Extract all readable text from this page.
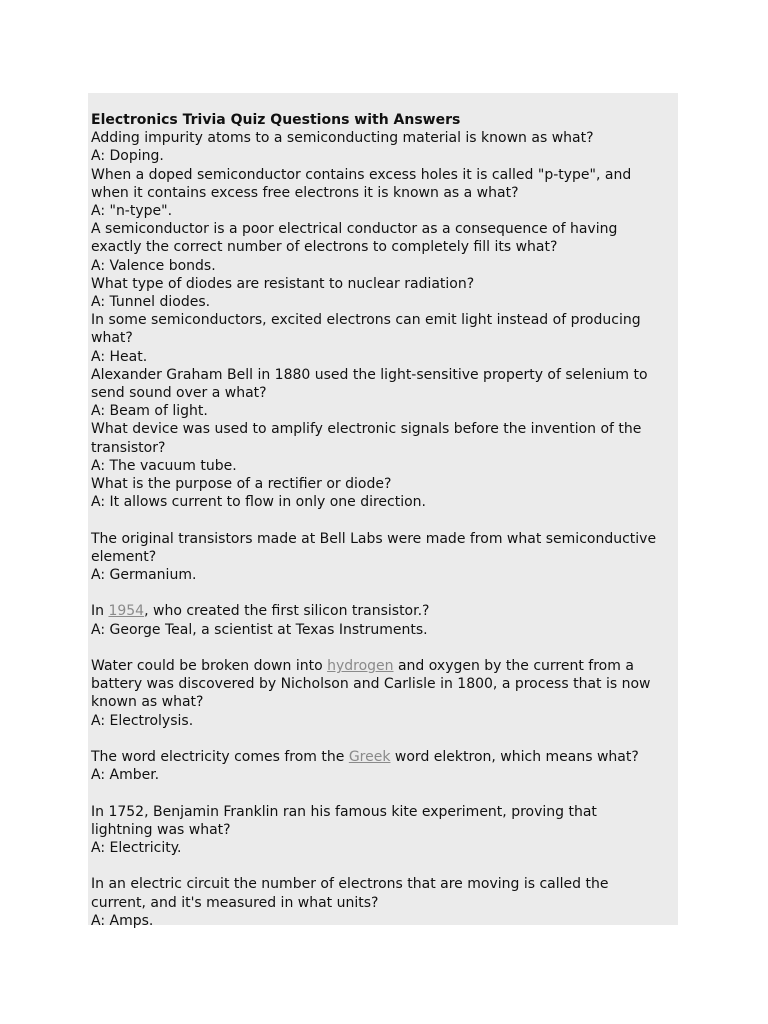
Electronics Trivia Quiz Questions with Answers
Adding impurity atoms to a semiconducting material is known as what?
A: Doping.
When a doped semiconductor contains excess holes it is called "p-type", and
when it contains excess free electrons it is known as a what?
A: "n-type".
A semiconductor is a poor electrical conductor as a consequence of having
exactly the correct number of electrons to completely fill its what?
A: Valence bonds.
What type of diodes are resistant to nuclear radiation?
A: Tunnel diodes.
In some semiconductors, excited electrons can emit light instead of producing
what?
A: Heat.
Alexander Graham Bell in 1880 used the light-sensitive property of selenium to
send sound over a what?
A: Beam of light.
What device was used to amplify electronic signals before the invention of the
transistor?
A: The vacuum tube.
What is the purpose of a rectifier or diode?
A: It allows current to flow in only one direction.
The original transistors made at Bell Labs were made from what semiconductive
element?
A: Germanium.
In 1954, who created the first silicon transistor.?
A: George Teal, a scientist at Texas Instruments.
Water could be broken down into hydrogen and oxygen by the current from a
battery was discovered by Nicholson and Carlisle in 1800, a process that is now
known as what?
A: Electrolysis.
The word electricity comes from the Greek word elektron, which means what?
A: Amber.
In 1752, Benjamin Franklin ran his famous kite experiment, proving that
lightning was what?
A: Electricity.
In an electric circuit the number of electrons that are moving is called the
current, and it's measured in what units?
A: Amps.
